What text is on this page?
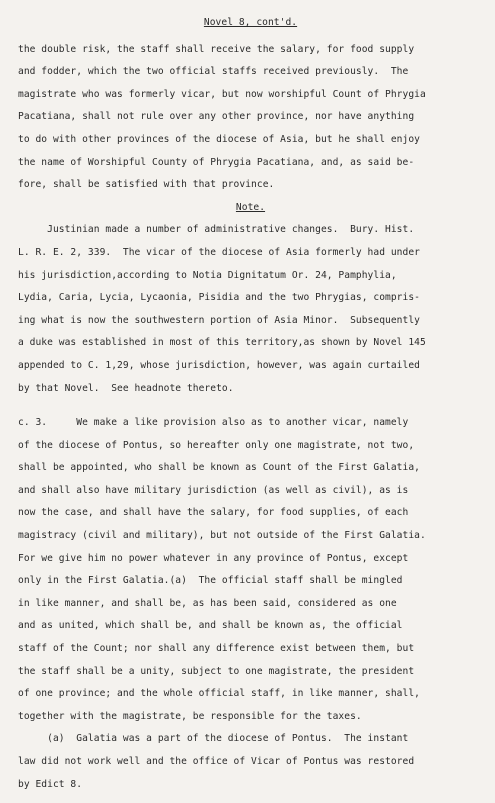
Novel 8, cont'd.
the double risk, the staff shall receive the salary, for food supply
and fodder, which the two official staffs received previously.  The
magistrate who was formerly vicar, but now worshipful Count of Phrygia
Pacatiana, shall not rule over any other province, nor have anything
to do with other provinces of the diocese of Asia, but he shall enjoy
the name of Worshipful County of Phrygia Pacatiana, and, as said be-
fore, shall be satisfied with that province.
Note.
Justinian made a number of administrative changes.  Bury. Hist.
L. R. E. 2, 339.  The vicar of the diocese of Asia formerly had under
his jurisdiction,according to Notia Dignitatum Or. 24, Pamphylia,
Lydia, Caria, Lycia, Lycaonia, Pisidia and the two Phrygias, compris-
ing what is now the southwestern portion of Asia Minor.  Subsequently
a duke was established in most of this territory,as shown by Novel 145
appended to C. 1,29, whose jurisdiction, however, was again curtailed
by that Novel.  See headnote thereto.
c. 3.     We make a like provision also as to another vicar, namely
of the diocese of Pontus, so hereafter only one magistrate, not two,
shall be appointed, who shall be known as Count of the First Galatia,
and shall also have military jurisdiction (as well as civil), as is
now the case, and shall have the salary, for food supplies, of each
magistracy (civil and military), but not outside of the First Galatia.
For we give him no power whatever in any province of Pontus, except
only in the First Galatia.(a)  The official staff shall be mingled
in like manner, and shall be, as has been said, considered as one
and as united, which shall be, and shall be known as, the official
staff of the Count; nor shall any difference exist between them, but
the staff shall be a unity, subject to one magistrate, the president
of one province; and the whole official staff, in like manner, shall,
together with the magistrate, be responsible for the taxes.
(a)  Galatia was a part of the diocese of Pontus.  The instant
law did not work well and the office of Vicar of Pontus was restored
by Edict 8.
